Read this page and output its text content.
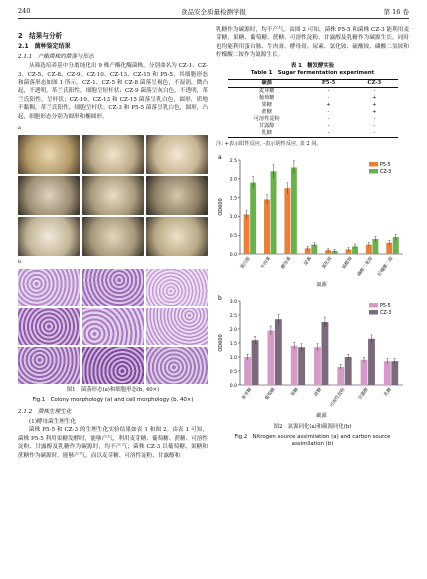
240	食品安全质量检测学报	第 16 卷
2　结果与分析
2.1　菌种鉴定结果
2.1.1　产酯菌株的菌落与形态

从筛选培养基中分离纯化出 9 株产酯化酶菌株，分别命名为 CZ-1、CZ-3、CZ-5、CZ-8、CZ-9、CZ-10、CZ-13、CZ-15 和 P5-5，其细胞形态和菌落形态如图 1 所示。CZ-1、CZ-5 和 CZ-8 菌落呈褐色，不湿润，微凸起，不透明，革兰氏阳性，细胞呈短杆状；CZ-9 菌落呈灰白色，不透明，革兰氏阳性，呈杆状；CZ-10、CZ-13 和 CZ-15 菌落呈乳白色，圆形，质地不黏稠，革兰氏阳性，细胞呈杆状；CZ-3 和 P5-5 菌落呈乳白色，圆形，凸起，细胞形态分别为圆形和椭圆形。

a
b
图1　菌落形态(a)和细胞形态(b, 40×)
Fig.1　Colony morphology (a) and cell morphology (b, 40×)
2.1.2　菌株生理生化
(1)酵母菌生理生化

菌株 P5-5 和 CZ-3 的生理生化实验结果如表 1 和图 2。由表 1 可知，菌株 P5-5 利用果糖发酵时，能够产气，利用麦芽糖、葡萄糖、蔗糖、可溶性淀粉、甘露醇及乳糖作为碳源时，均不产气；菌株 CZ-3 以葡萄糖、果糖和蔗糖作为碳源时，能够产气，而以麦芽糖、可溶性淀粉、甘露醇和

乳糖作为碳源时，均不产气。由图 2 可知，菌株 P5-5 和菌株 CZ-3 能利用麦芽糖、果糖、葡萄糖、蔗糖、可溶性淀粉、甘露醇及乳糖作为碳源生长，同时也均能利用蛋白胨、牛肉膏、酵母膏、尿素、氯化铵、硫酸铵、磷酸二氢铵和柠檬酸二铵作为氮源生长。

表 1　糖发酵实验
Table 1　Sugar fermentation experiment
碳源	P5-5	CZ-3
麦芽糖	-	-
葡萄糖	-	+
果糖	+	+
蔗糖	-	+
可溶性淀粉	-	-
甘露醇	-	-
乳糖	-	-
注: +表示阳性反应, -表示阴性反应, 表 2 同。
a
0.0
0.5
1.0
1.5
2.0
2.5
OD600
蛋白胨	牛肉膏	酵母膏	尿素	氯化铵	硫酸铵 磷酸二氢铵 柠檬酸二铵
氮源
P5-5
CZ-3

b
0.0
0.5
1.0
1.5
2.0
2.5
3.0
OD600
麦芽糖	葡萄糖	果糖	蔗糖	可溶性淀粉	甘露醇	乳糖
碳源
P5-5
CZ-3
图2　氮源同化(a)和碳源同化(b)
Fig.2　Nitrogen source assimilation (a) and carbon source
assimilation (b)
